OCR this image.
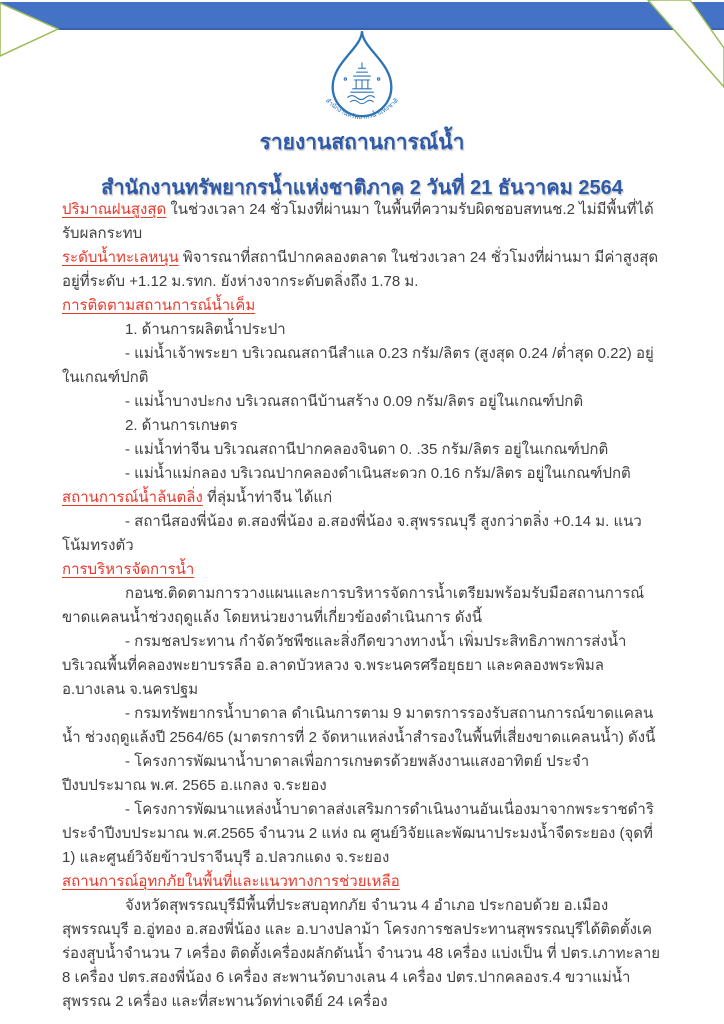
สำนักงานทรัพยากรน้ำแห่งชาติ
รายงานสถานการณ์น้ำ
สำนักงานทรัพยากรน้ำแห่งชาติภาค 2 วันที่ 21 ธันวาคม 2564

ปริมาณฝนสูงสุด ในช่วงเวลา 24 ชั่วโมงที่ผ่านมา ในพื้นที่ความรับผิดชอบสทนช.2 ไม่มีพื้นที่ได้รับผลกระทบ

ระดับน้ำทะเลหนุน พิจารณาที่สถานีปากคลองตลาด ในช่วงเวลา 24 ชั่วโมงที่ผ่านมา มีค่าสูงสุดอยู่ที่ระดับ +1.12 ม.รทก. ยังห่างจากระดับตลิ่งถึง 1.78 ม.

การติดตามสถานการณ์น้ำเค็ม

1. ด้านการผลิตน้ำประปา

- แม่น้ำเจ้าพระยา บริเวณณสถานีสำแล 0.23 กรัม/ลิตร (สูงสุด 0.24 /ต่ำสุด 0.22) อยู่ในเกณฑ์ปกติ

- แม่น้ำบางปะกง บริเวณสถานีบ้านสร้าง 0.09 กรัม/ลิตร อยู่ในเกณฑ์ปกติ

2. ด้านการเกษตร

- แม่น้ำท่าจีน บริเวณสถานีปากคลองจินดา 0. .35 กรัม/ลิตร อยู่ในเกณฑ์ปกติ

- แม่น้ำแม่กลอง บริเวณปากคลองดำเนินสะดวก 0.16 กรัม/ลิตร อยู่ในเกณฑ์ปกติ

สถานการณ์น้ำล้นตลิ่ง ที่ลุ่มน้ำท่าจีน ได้แก่

- สถานีสองพี่น้อง ต.สองพี่น้อง อ.สองพี่น้อง จ.สุพรรณบุรี สูงกว่าตลิ่ง +0.14 ม. แนวโน้มทรงตัว

การบริหารจัดการน้ำ

กอนช.ติดตามการวางแผนและการบริหารจัดการน้ำเตรียมพร้อมรับมือสถานการณ์ขาดแคลนน้ำช่วงฤดูแล้ง โดยหน่วยงานที่เกี่ยวข้องดำเนินการ ดังนี้

- กรมชลประทาน กำจัดวัชพืชและสิ่งกีดขวางทางน้ำ เพิ่มประสิทธิภาพการส่งน้ำ บริเวณพื้นที่คลองพะยาบรรลือ อ.ลาดบัวหลวง จ.พระนครศรีอยุธยา และคลองพระพิมล อ.บางเลน จ.นครปฐม

- กรมทรัพยากรน้ำบาดาล ดำเนินการตาม 9 มาตรการรองรับสถานการณ์ขาดแคลนน้ำ ช่วงฤดูแล้งปี 2564/65 (มาตรการที่ 2 จัดหาแหล่งน้ำสำรองในพื้นที่เสี่ยงขาดแคลนน้ำ) ดังนี้

- โครงการพัฒนาน้ำบาดาลเพื่อการเกษตรด้วยพลังงานแสงอาทิตย์ ประจำปีงบประมาณ พ.ศ. 2565 อ.แกลง จ.ระยอง

- โครงการพัฒนาแหล่งน้ำบาดาลส่งเสริมการดำเนินงานอันเนื่องมาจากพระราชดำริ ประจำปีงบประมาณ พ.ศ.2565 จำนวน 2 แห่ง ณ ศูนย์วิจัยและพัฒนาประมงน้ำจืดระยอง (จุดที่ 1) และศูนย์วิจัยข้าวปราจีนบุรี อ.ปลวกแดง จ.ระยอง

สถานการณ์อุทกภัยในพื้นที่และแนวทางการช่วยเหลือ

จังหวัดสุพรรณบุรีมีพื้นที่ประสบอุทกภัย จำนวน 4 อำเภอ ประกอบด้วย อ.เมืองสุพรรณบุรี อ.อู่ทอง อ.สองพี่น้อง และ อ.บางปลาม้า โครงการชลประทานสุพรรณบุรีได้ติดตั้งเคร่องสฺูบน้ำจำนวน 7 เครื่อง ติดตั้งเครื่องผลักดันน้ำ จำนวน 48 เครื่อง แบ่งเป็น ที่ ปตร.เภาทะลาย 8 เครื่อง ปตร.สองพี่น้อง 6 เครื่อง สะพานวัดบางเลน 4 เครื่อง ปตร.ปากคลองร.4 ขวาแม่น้ำสุพรรณ 2 เครื่อง และที่สะพานวัดท่าเจดีย์ 24 เครื่อง
